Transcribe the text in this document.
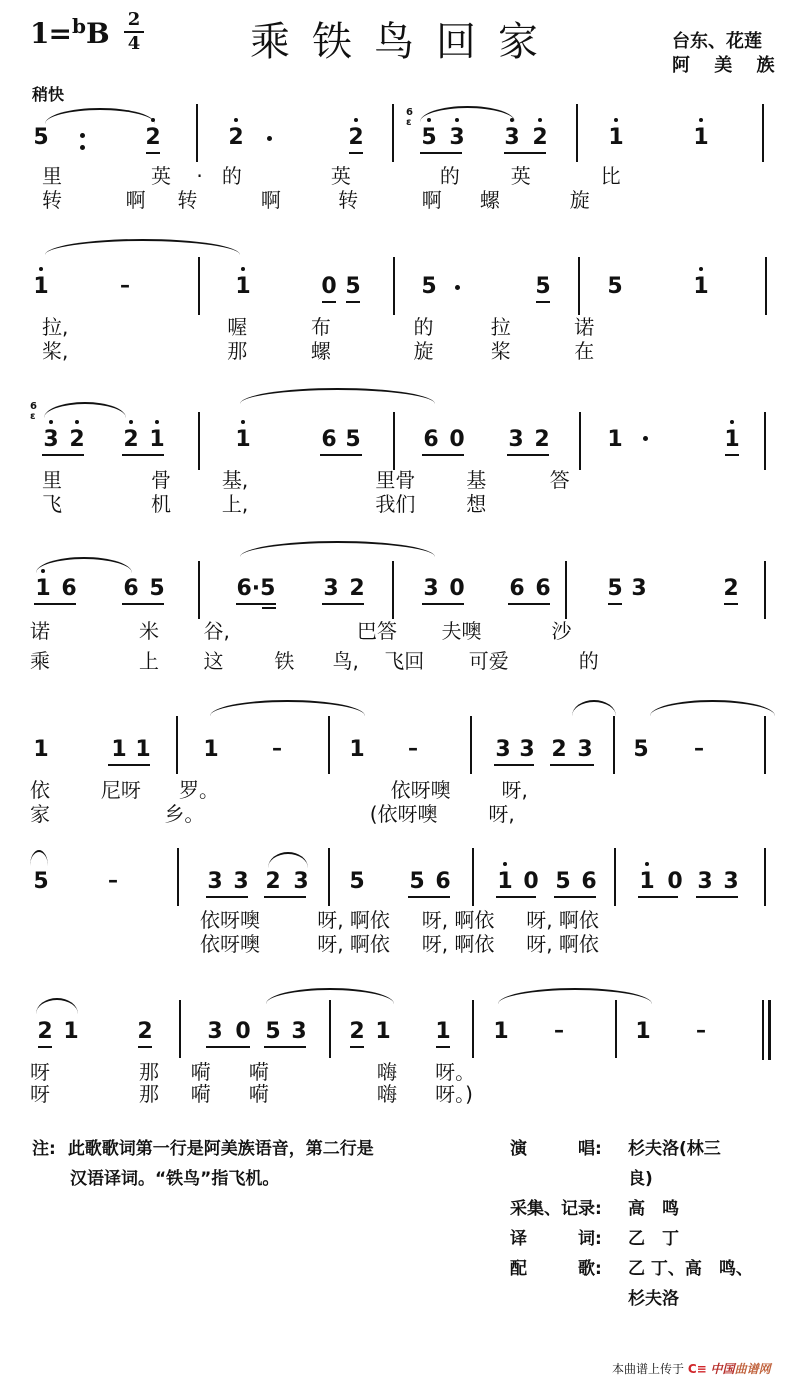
1=$^b$B 2
4	乘铁鸟回家	台东、花莲
阿 美 族
稍快
5	2	2	2
6
ε
5 3 3 2	1	1
里              英    ·   的              英              的        英           比
转          啊     转          啊         转          啊      螺           旋
1	–	1	0 5	5	5	5	1
拉,                         喔          布             的         拉          诺
桨,                         那          螺             旋         桨          在
6
ε
3 2 2 1	1	6 5	6 0 3 2	1	1
里              骨        基,                    里骨        基          答
飞              机        上,                    我们        想
1 6 6 5	6·5 3 2	3 0 6 6	5 3	2
诺              米       谷,                    巴答       夫噢           沙
乘              上       这        铁      鸟,    飞回       可爱           的
1	1 1 1	–	1 –	3 3 2 3 5 –
依        尼呀      罗。                           依呀噢        呀,
家                  乡。                          (依呀噢        呀,
5	–	3 3 2 3 5 5 6 1 0 5 6 1 0 3 3
依呀噢         呀, 啊依     呀, 啊依     呀, 啊依
依呀噢         呀, 啊依     呀, 啊依     呀, 啊依
2 1	2 3 0 5 3 2 1 1 1 –	1 –
呀              那     嗬      嗬                 嗨      呀。
呀              那     嗬      嗬                 嗨      呀。)
注: 此歌歌词第一行是阿美族语音，第二行是
汉语译词。“铁鸟”指飞机。
演　　　唱: 杉夫洛(林三
良)
采集、记录: 高　鸣
译　　　词: 乙　丁
配　　　歌: 乙 丁、高　鸣、
杉夫洛
本曲谱上传于 C≡ 中国曲谱网
